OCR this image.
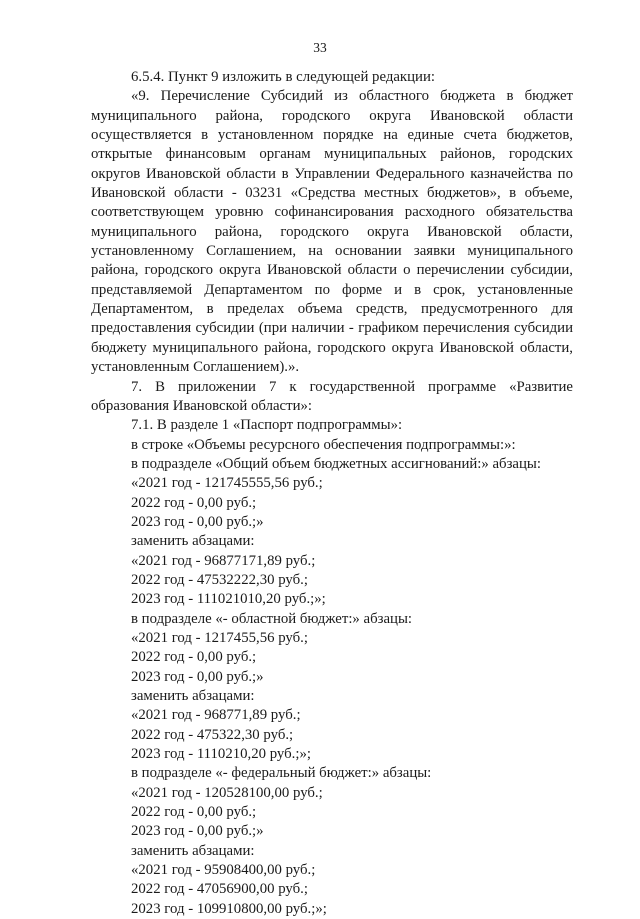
33

6.5.4. Пункт 9 изложить в следующей редакции:

«9. Перечисление Субсидий из областного бюджета в бюджет муниципального района, городского округа Ивановской области осуществляется в установленном порядке на единые счета бюджетов, открытые финансовым органам муниципальных районов, городских округов Ивановской области в Управлении Федерального казначейства по Ивановской области - 03231 «Средства местных бюджетов», в объеме, соответствующем уровню софинансирования расходного обязательства муниципального района, городского округа Ивановской области, установленному Соглашением, на основании заявки муниципального района, городского округа Ивановской области о перечислении субсидии, представляемой Департаментом по форме и в срок, установленные Департаментом, в пределах объема средств, предусмотренного для предоставления субсидии (при наличии - графиком перечисления субсидии бюджету муниципального района, городского округа Ивановской области, установленным Соглашением).».

7. В приложении 7 к государственной программе «Развитие образования Ивановской области»:

7.1. В разделе 1 «Паспорт подпрограммы»:

в строке «Объемы ресурсного обеспечения подпрограммы:»:

в подразделе «Общий объем бюджетных ассигнований:» абзацы:

«2021 год - 121745555,56 руб.;

2022 год - 0,00 руб.;

2023 год - 0,00 руб.;»

заменить абзацами:

«2021 год - 96877171,89 руб.;

2022 год - 47532222,30 руб.;

2023 год - 111021010,20 руб.;»;

в подразделе «- областной бюджет:» абзацы:

«2021 год - 1217455,56 руб.;

2022 год - 0,00 руб.;

2023 год - 0,00 руб.;»

заменить абзацами:

«2021 год - 968771,89 руб.;

2022 год - 475322,30 руб.;

2023 год - 1110210,20 руб.;»;

в подразделе «- федеральный бюджет:» абзацы:

«2021 год - 120528100,00 руб.;

2022 год - 0,00 руб.;

2023 год - 0,00 руб.;»

заменить абзацами:

«2021 год - 95908400,00 руб.;

2022 год - 47056900,00 руб.;

2023 год - 109910800,00 руб.;»;
